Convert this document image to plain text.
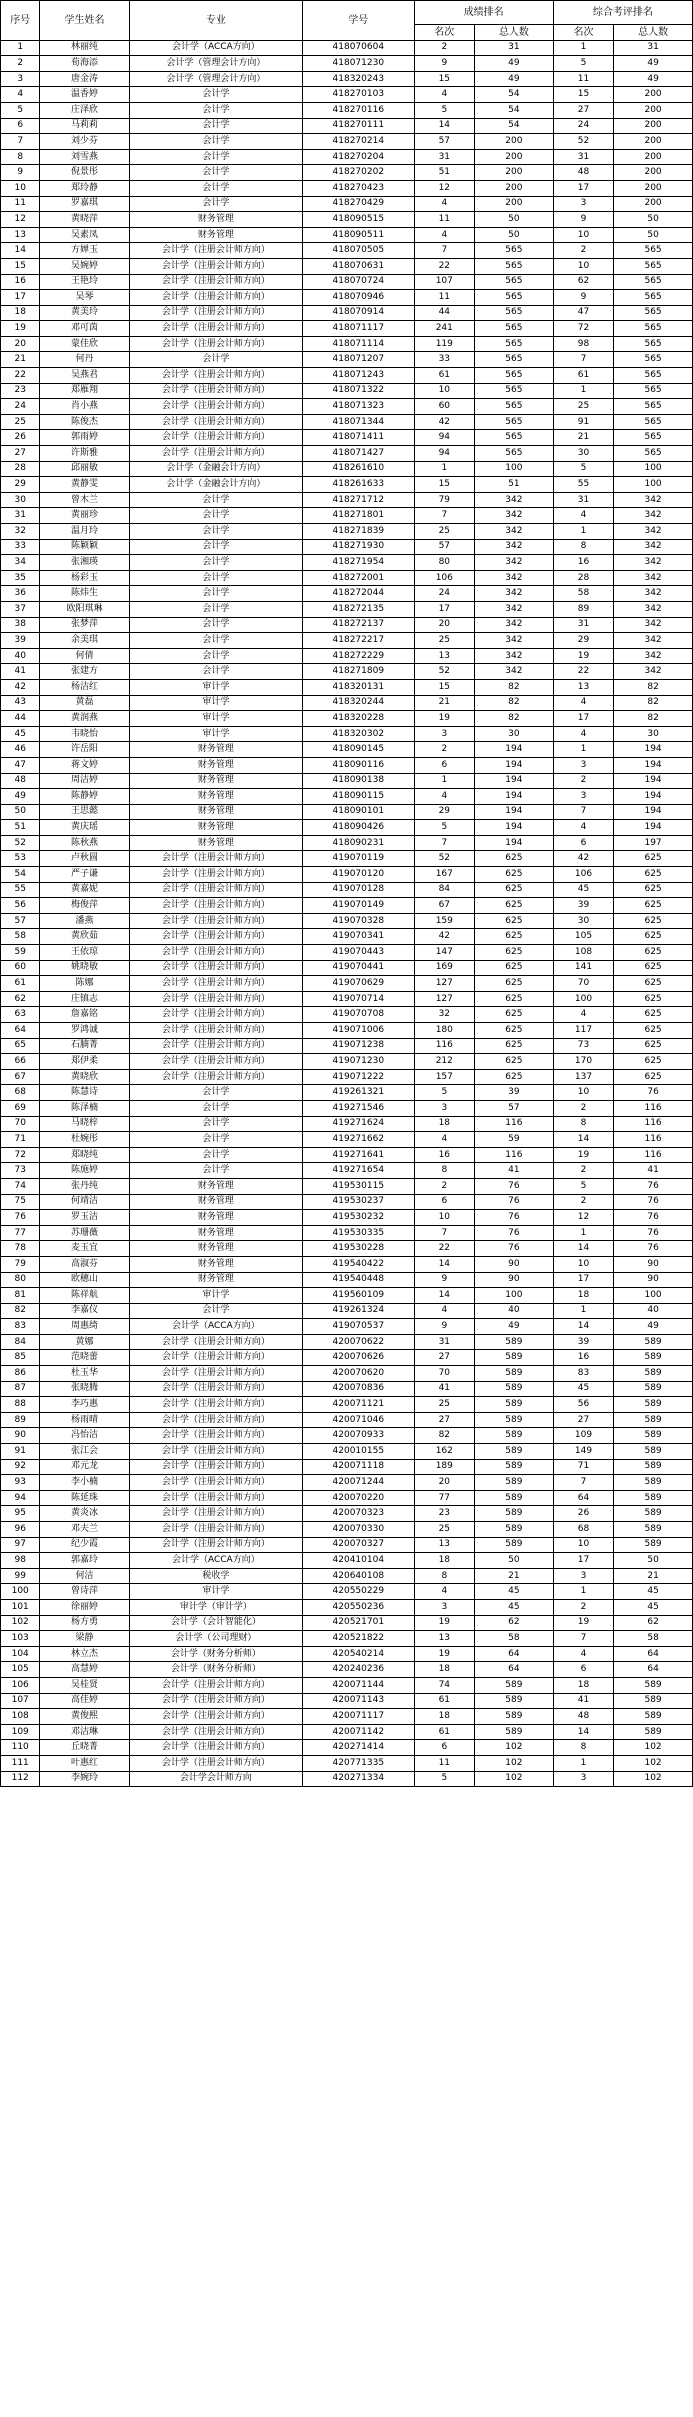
序号	学生姓名	专业	学号	成绩排名		综合考评排名	
				名次	总人数	名次	总人数
1	林丽纯	会计学（ACCA方向）	418070604	2	31	1	31
2	荀海添	会计学（管理会计方向）	418071230	9	49	5	49
3	唐金涛	会计学（管理会计方向）	418320243	15	49	11	49
4	温香婷	会计学	418270103	4	54	15	200
5	庄泽欣	会计学	418270116	5	54	27	200
6	马莉莉	会计学	418270111	14	54	24	200
7	刘少芬	会计学	418270214	57	200	52	200
8	刘雪燕	会计学	418270204	31	200	31	200
9	倪景彤	会计学	418270202	51	200	48	200
10	郑玲静	会计学	418270423	12	200	17	200
11	罗嘉琪	会计学	418270429	4	200	3	200
12	黄晓萍	财务管理	418090515	11	50	9	50
13	吴素凤	财务管理	418090511	4	50	10	50
14	方婵玉	会计学（注册会计师方向）	418070505	7	565	2	565
15	吴婉婷	会计学（注册会计师方向）	418070631	22	565	10	565
16	王艳玲	会计学（注册会计师方向）	418070724	107	565	62	565
17	吴琴	会计学（注册会计师方向）	418070946	11	565	9	565
18	黄美玲	会计学（注册会计师方向）	418070914	44	565	47	565
19	邓可茵	会计学（注册会计师方向）	418071117	241	565	72	565
20	蒙佳欣	会计学（注册会计师方向）	418071114	119	565	98	565
21	何丹	会计学	418071207	33	565	7	565
22	吴燕君	会计学（注册会计师方向）	418071243	61	565	61	565
23	郑雁翔	会计学（注册会计师方向）	418071322	10	565	1	565
24	肖小燕	会计学（注册会计师方向）	418071323	60	565	25	565
25	陈俊杰	会计学（注册会计师方向）	418071344	42	565	91	565
26	郭雨婷	会计学（注册会计师方向）	418071411	94	565	21	565
27	许斯雅	会计学（注册会计师方向）	418071427	94	565	30	565
28	邱丽敏	会计学（金融会计方向）	418261610	1	100	5	100
29	黄静雯	会计学（金融会计方向）	418261633	15	51	55	100
30	曾木兰	会计学	418271712	79	342	31	342
31	黄丽珍	会计学	418271801	7	342	4	342
32	温月玲	会计学	418271839	25	342	1	342
33	陈颖颖	会计学	418271930	57	342	8	342
34	张湘瑛	会计学	418271954	80	342	16	342
35	杨彩玉	会计学	418272001	106	342	28	342
36	陈炜生	会计学	418272044	24	342	58	342
37	欧阳琪琳	会计学	418272135	17	342	89	342
38	张梦萍	会计学	418272137	20	342	31	342
39	余美琪	会计学	418272217	25	342	29	342
40	何倩	会计学	418272229	13	342	19	342
41	张建方	会计学	418271809	52	342	22	342
42	杨洁红	审计学	418320131	15	82	13	82
43	黄磊	审计学	418320244	21	82	4	82
44	黄润燕	审计学	418320228	19	82	17	82
45	韦晓怡	审计学	418320302	3	30	4	30
46	许岳阳	财务管理	418090145	2	194	1	194
47	蒋文婷	财务管理	418090116	6	194	3	194
48	周洁婷	财务管理	418090138	1	194	2	194
49	陈静婷	财务管理	418090115	4	194	3	194
50	王思懿	财务管理	418090101	29	194	7	194
51	黄庆瑶	财务管理	418090426	5	194	4	194
52	陈秋燕	财务管理	418090231	7	194	6	197
53	卢秋圆	会计学（注册会计师方向）	419070119	52	625	42	625
54	严子谦	会计学（注册会计师方向）	419070120	167	625	106	625
55	黄嘉妮	会计学（注册会计师方向）	419070128	84	625	45	625
56	梅俊萍	会计学（注册会计师方向）	419070149	67	625	39	625
57	潘燕	会计学（注册会计师方向）	419070328	159	625	30	625
58	黄欣茹	会计学（注册会计师方向）	419070341	42	625	105	625
59	王依琼	会计学（注册会计师方向）	419070443	147	625	108	625
60	姚晓敏	会计学（注册会计师方向）	419070441	169	625	141	625
61	陈娜	会计学（注册会计师方向）	419070629	127	625	70	625
62	庄镇志	会计学（注册会计师方向）	419070714	127	625	100	625
63	詹嘉铭	会计学（注册会计师方向）	419070708	32	625	4	625
64	罗鸿诚	会计学（注册会计师方向）	419071006	180	625	117	625
65	石腩菁	会计学（注册会计师方向）	419071238	116	625	73	625
66	郑伊柔	会计学（注册会计师方向）	419071230	212	625	170	625
67	黄晓欣	会计学（注册会计师方向）	419071222	157	625	137	625
68	陈慧诗	会计学	419261321	5	39	10	76
69	陈泽楠	会计学	419271546	3	57	2	116
70	马晓梓	会计学	419271624	18	116	8	116
71	杜婉彤	会计学	419271662	4	59	14	116
72	郑晓纯	会计学	419271641	16	116	19	116
73	陈施婷	会计学	419271654	8	41	2	41
74	张丹纯	财务管理	419530115	2	76	5	76
75	何靖洁	财务管理	419530237	6	76	2	76
76	罗玉洁	财务管理	419530232	10	76	12	76
77	苏珊薇	财务管理	419530335	7	76	1	76
78	麦玉宜	财务管理	419530228	22	76	14	76
79	高淑芬	财务管理	419540422	14	90	10	90
80	欧穗山	财务管理	419540448	9	90	17	90
81	陈祥航	审计学	419560109	14	100	18	100
82	李嘉仪	会计学	419261324	4	40	1	40
83	周惠绮	会计学（ACCA方向）	419070537	9	49	14	49
84	黄娜	会计学（注册会计师方向）	420070622	31	589	39	589
85	范晓蕾	会计学（注册会计师方向）	420070626	27	589	16	589
86	杜玉华	会计学（注册会计师方向）	420070620	70	589	83	589
87	张晓腾	会计学（注册会计师方向）	420070836	41	589	45	589
88	李巧惠	会计学（注册会计师方向）	420071121	25	589	56	589
89	杨雨晴	会计学（注册会计师方向）	420071046	27	589	27	589
90	冯怡洁	会计学（注册会计师方向）	420070933	82	589	109	589
91	张江会	会计学（注册会计师方向）	420010155	162	589	149	589
92	邓元龙	会计学（注册会计师方向）	420071118	189	589	71	589
93	李小楠	会计学（注册会计师方向）	420071244	20	589	7	589
94	陈延珠	会计学（注册会计师方向）	420070220	77	589	64	589
95	黄炎冰	会计学（注册会计师方向）	420070323	23	589	26	589
96	邓夫兰	会计学（注册会计师方向）	420070330	25	589	68	589
97	纪少霞	会计学（注册会计师方向）	420070327	13	589	10	589
98	郭嘉玲	会计学（ACCA方向）	420410104	18	50	17	50
99	何洁	税收学	420640108	8	21	3	21
100	曾诗萍	审计学	420550229	4	45	1	45
101	徐丽婷	审计学（审计学）	420550236	3	45	2	45
102	杨方勇	会计学（会计智能化）	420521701	19	62	19	62
103	梁静	会计学（公司理财）	420521822	13	58	7	58
104	林立杰	会计学（财务分析师）	420540214	19	64	4	64
105	高慧婷	会计学（财务分析师）	420240236	18	64	6	64
106	吴桂贤	会计学（注册会计师方向）	420071144	74	589	18	589
107	高佳婷	会计学（注册会计师方向）	420071143	61	589	41	589
108	黄俊熙	会计学（注册会计师方向）	420071117	18	589	48	589
109	邓洁琳	会计学（注册会计师方向）	420071142	61	589	14	589
110	丘晓菁	会计学（注册会计师方向）	420271414	6	102	8	102
111	叶惠红	会计学（注册会计师方向）	420771335	11	102	1	102
112	李婉玲	会计学会计师方向	420271334	5	102	3	102
